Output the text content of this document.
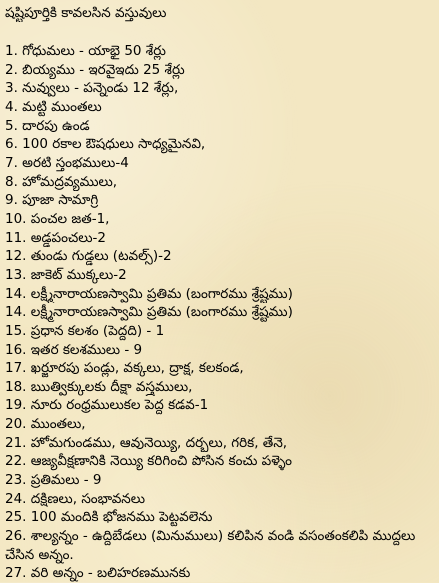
షష్టిపూర్తికి కావలసిన వస్తువులు
1. గోధుమలు - యాభై 50 శేర్లు
2. బియ్యము - ఇరవైఇదు 25 శేర్లు
3. నువ్వులు - పన్నెండు 12 శేర్లు,
4. మట్టి ముంతలు
5. దారపు ఉండ
6. 100 రకాల ఔషధులు సాధ్యమైనవి,
7. అరటి స్తంభములు-4
8. హోమద్రవ్యములు,
9. పూజా సామాగ్రి
10. పంచల జత-1,
11. అడ్డపంచలు-2
12. తుండు గుడ్డలు (టవల్స్)-2
13. జాకెట్ ముక్కలు-2
14. లక్ష్మీనారాయణస్వామి ప్రతిమ (బంగారము శ్రేష్టము)
14. లక్ష్మీనారాయణస్వామి ప్రతిమ (బంగారము శ్రేష్టము)
15. ప్రధాన కలశం (పెద్దది) - 1
16. ఇతర కలశములు - 9
17. ఖర్జూరపు పండ్లు, వక్కలు, ద్రాక్ష, కలకండ,
18. ఋత్విక్కులకు దీక్షా వస్త్రములు,
19. నూరు రంధ్రములుకల పెద్ద కడవ-1
20. ముంతలు,
21. హోమగుండము, ఆవునెయ్యి, దర్భలు, గరిక, తేనె,
22. ఆజ్యవీక్షణానికి నెయ్యి కరిగించి పోసిన కంచు పళ్ళెం
23. ప్రతిమలు - 9
24. దక్షిణలు, సంభావనలు
25. 100 మందికి భోజనము పెట్టవలెను
26. శాల్యన్నం - ఉద్దిబేడలు (మినుములు) కలిపిన వండి వసంతంకలిపి ముద్దలు చేసిన అన్నం.
27. వరి అన్నం - బలిహరణమునకు
